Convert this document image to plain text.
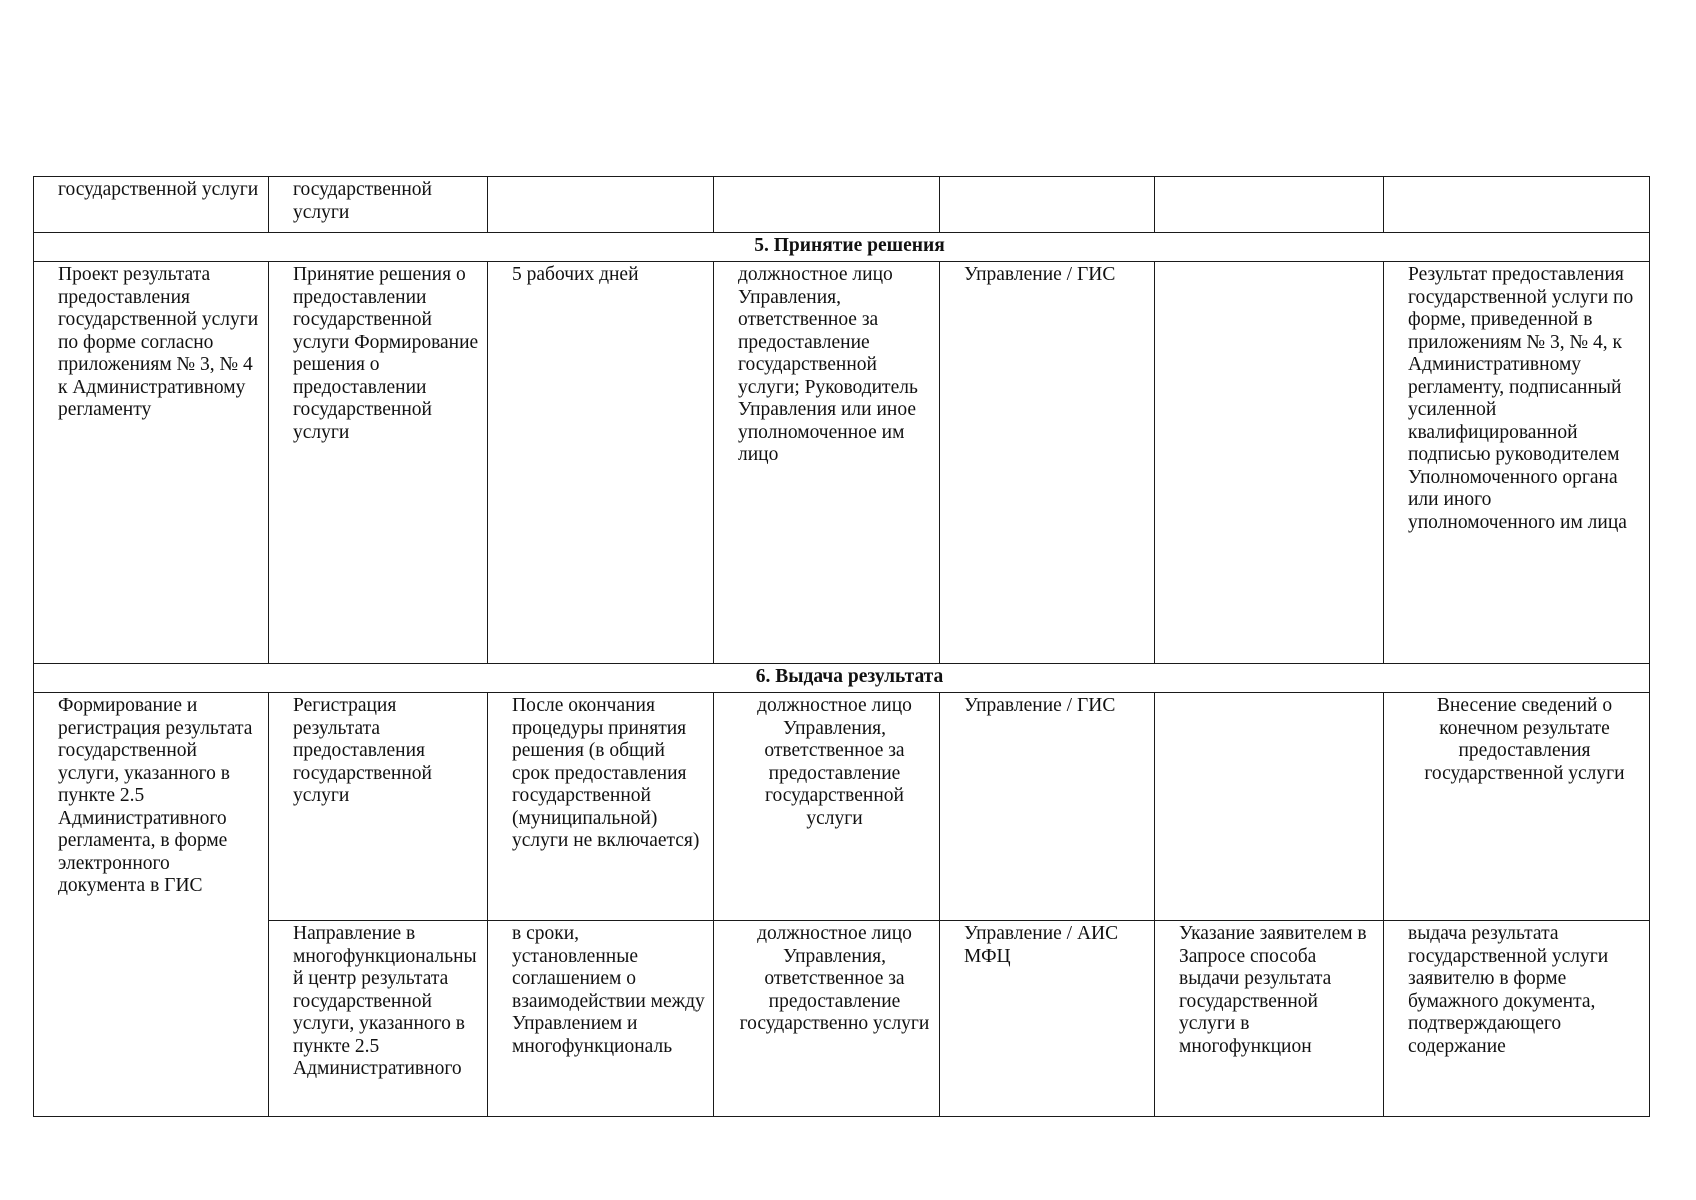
государственной услуги	государственной услуги					
5. Принятие решения						
Проект результата предоставления государственной услуги по форме согласно приложениям № 3, № 4 к Административному регламенту	Принятие решения о предоставлении государственной услуги Формирование решения о предоставлении государственной услуги	5 рабочих дней	должностное лицо Управления, ответственное за предоставление государственной услуги; Руководитель Управления или иное уполномоченное им лицо	Управление / ГИС		Результат предоставления государственной услуги по форме, приведенной в приложениям № 3, № 4, к Административному регламенту, подписанный усиленной квалифицированной подписью руководителем Уполномоченного органа или иного уполномоченного им лица
6. Выдача результата						
Формирование и регистрация результата государственной услуги, указанного в пункте 2.5 Административного регламента, в форме электронного документа в ГИС	Регистрация результата предоставления государственной услуги	После окончания процедуры принятия решения (в общий срок предоставления государственной (муниципальной) услуги не включается)	должностное лицо Управления, ответственное за предоставление государственной услуги	Управление / ГИС		Внесение сведений о конечном результате предоставления государственной услуги
	Направление в многофункциональный центр результата государственной услуги, указанного в пункте 2.5 Административного	в сроки, установленные соглашением о взаимодействии между Управлением и многофункциональ	должностное лицо Управления, ответственное за предоставление государственно услуги	Управление / АИС МФЦ	Указание заявителем в Запросе способа выдачи результата государственной услуги в многофункцион	выдача результата государственной услуги заявителю в форме бумажного документа, подтверждающего содержание
